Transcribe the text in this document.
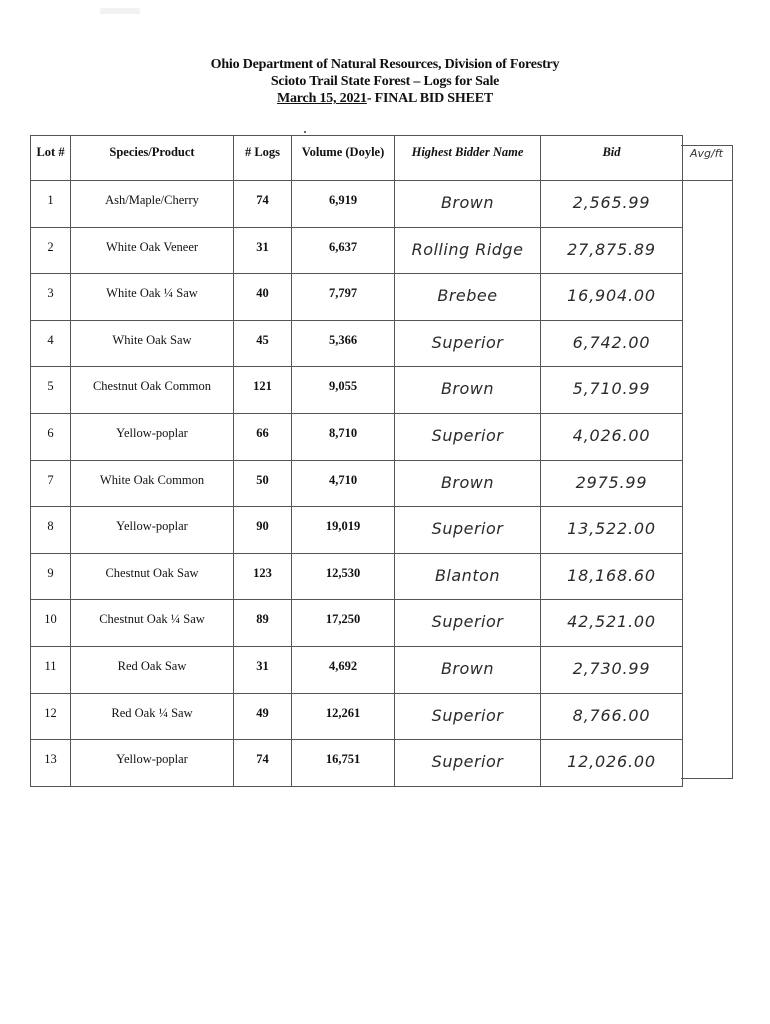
Ohio Department of Natural Resources, Division of Forestry
Scioto Trail State Forest – Logs for Sale
March 15, 2021- FINAL BID SHEET
Lot #	Species/Product	# Logs	Volume (Doyle)	Highest Bidder Name	Bid
1	Ash/Maple/Cherry	74	6,919	Brown	2,565.99
2	White Oak Veneer	31	6,637	Rolling Ridge	27,875.89
3	White Oak ¼ Saw	40	7,797	Brebee	16,904.00
4	White Oak Saw	45	5,366	Superior	6,742.00
5	Chestnut Oak Common	121	9,055	Brown	5,710.99
6	Yellow-poplar	66	8,710	Superior	4,026.00
7	White Oak Common	50	4,710	Brown	2975.99
8	Yellow-poplar	90	19,019	Superior	13,522.00
9	Chestnut Oak Saw	123	12,530	Blanton	18,168.60
10	Chestnut Oak ¼ Saw	89	17,250	Superior	42,521.00
11	Red Oak Saw	31	4,692	Brown	2,730.99
12	Red Oak ¼ Saw	49	12,261	Superior	8,766.00
13	Yellow-poplar	74	16,751	Superior	12,026.00
Avg/ft
